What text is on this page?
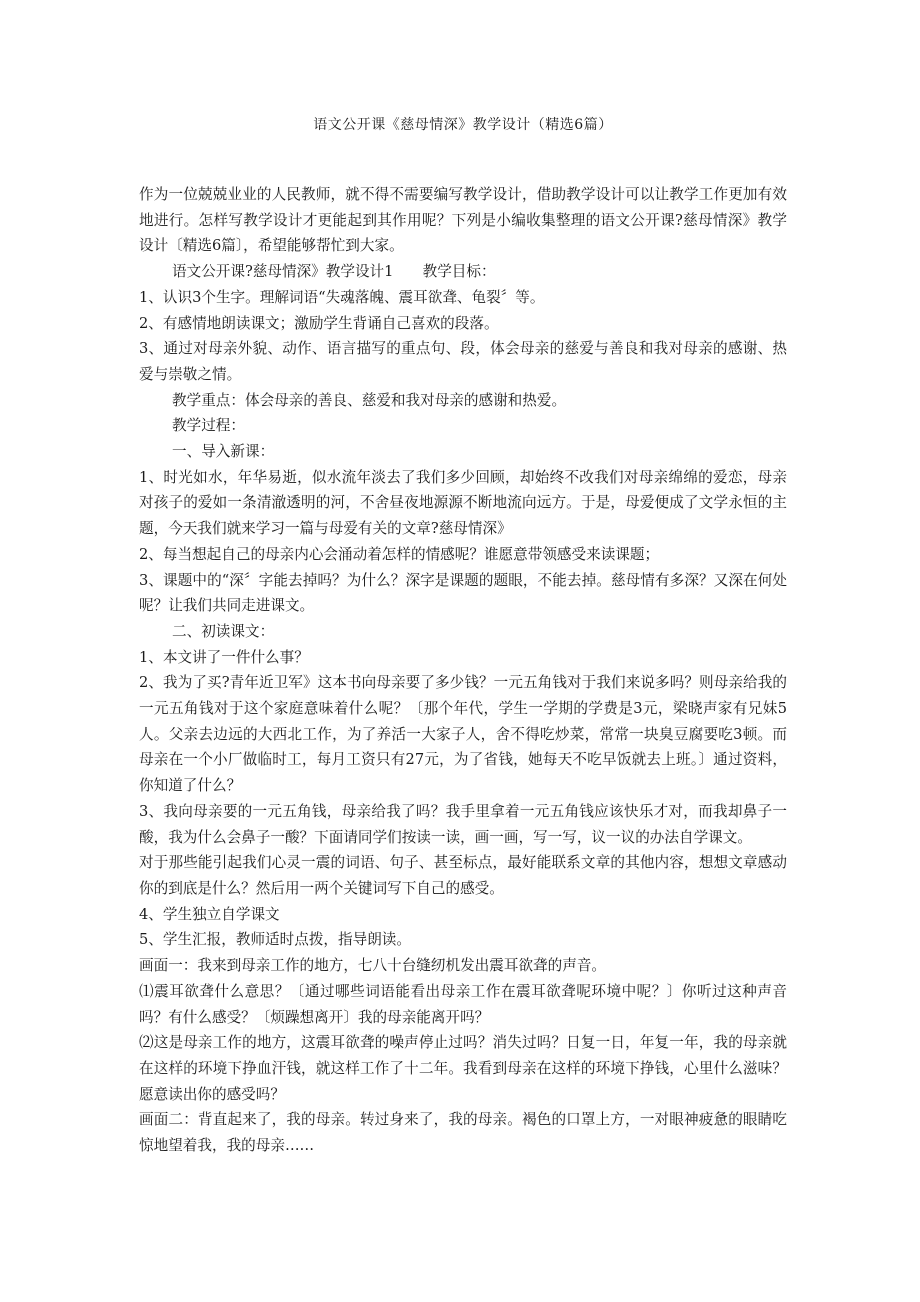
语文公开课《慈母情深》教学设计（精选6篇）

作为一位兢兢业业的人民教师，就不得不需要编写教学设计，借助教学设计可以让教学工作更加有效地进行。怎样写教学设计才更能起到其作用呢？下列是小编收集整理的语文公开课?慈母情深》教学设计〔精选6篇〕，希望能够帮忙到大家。

语文公开课?慈母情深》教学设计1　　教学目标：

1、认识3个生字。理解词语“失魂落魄、震耳欲聋、龟裂〞等。

2、有感情地朗读课文；激励学生背诵自己喜欢的段落。

3、通过对母亲外貌、动作、语言描写的重点句、段，体会母亲的慈爱与善良和我对母亲的感谢、热爱与崇敬之情。

教学重点：体会母亲的善良、慈爱和我对母亲的感谢和热爱。

教学过程：

一、导入新课：

1、时光如水，年华易逝，似水流年淡去了我们多少回顾，却始终不改我们对母亲绵绵的爱恋，母亲对孩子的爱如一条清澈透明的河，不舍昼夜地源源不断地流向远方。于是，母爱便成了文学永恒的主题，今天我们就来学习一篇与母爱有关的文章?慈母情深》

2、每当想起自己的母亲内心会涌动着怎样的情感呢？谁愿意带领感受来读课题；

3、课题中的“深〞字能去掉吗？为什么？深字是课题的题眼，不能去掉。慈母情有多深？又深在何处呢？让我们共同走进课文。

二、初读课文：

1、本文讲了一件什么事？

2、我为了买?青年近卫军》这本书向母亲要了多少钱？一元五角钱对于我们来说多吗？则母亲给我的一元五角钱对于这个家庭意味着什么呢？〔那个年代，学生一学期的学费是3元，梁晓声家有兄妹5人。父亲去边远的大西北工作，为了养活一大家子人，舍不得吃炒菜，常常一块臭豆腐要吃3顿。而母亲在一个小厂做临时工，每月工资只有27元，为了省钱，她每天不吃早饭就去上班。〕通过资料，你知道了什么？

3、我向母亲要的一元五角钱，母亲给我了吗？我手里拿着一元五角钱应该快乐才对，而我却鼻子一酸，我为什么会鼻子一酸？下面请同学们按读一读，画一画，写一写，议一议的办法自学课文。

对于那些能引起我们心灵一震的词语、句子、甚至标点，最好能联系文章的其他内容，想想文章感动你的到底是什么？然后用一两个关键词写下自己的感受。

4、学生独立自学课文

5、学生汇报，教师适时点拨，指导朗读。

画面一：我来到母亲工作的地方，七八十台缝纫机发出震耳欲聋的声音。

⑴震耳欲聋什么意思？〔通过哪些词语能看出母亲工作在震耳欲聋呢环境中呢？〕你听过这种声音吗？有什么感受？〔烦躁想离开〕我的母亲能离开吗？

⑵这是母亲工作的地方，这震耳欲聋的噪声停止过吗？消失过吗？日复一日，年复一年，我的母亲就在这样的环境下挣血汗钱，就这样工作了十二年。我看到母亲在这样的环境下挣钱，心里什么滋味？愿意读出你的感受吗？

画面二：背直起来了，我的母亲。转过身来了，我的母亲。褐色的口罩上方，一对眼神疲惫的眼睛吃惊地望着我，我的母亲……
